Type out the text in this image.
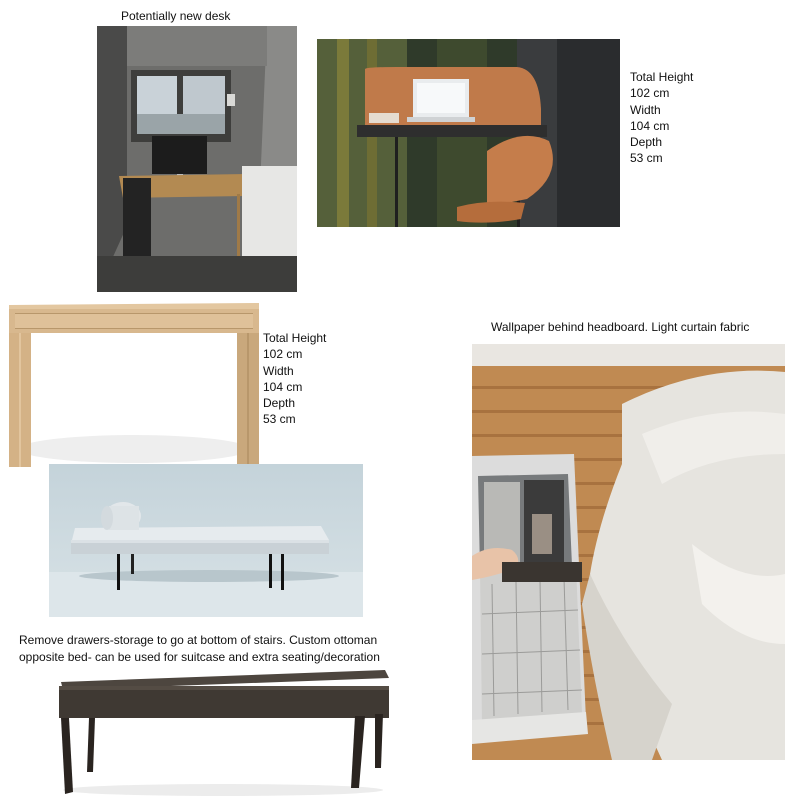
Potentially new desk
Total Height
102 cm
Width
104 cm
Depth
53 cm
Total Height
102 cm
Width
104 cm
Depth
53 cm
Wallpaper behind headboard. Light curtain fabric
Remove drawers-storage to go at bottom of stairs. Custom ottoman
opposite bed- can be used for suitcase and extra seating/decoration
